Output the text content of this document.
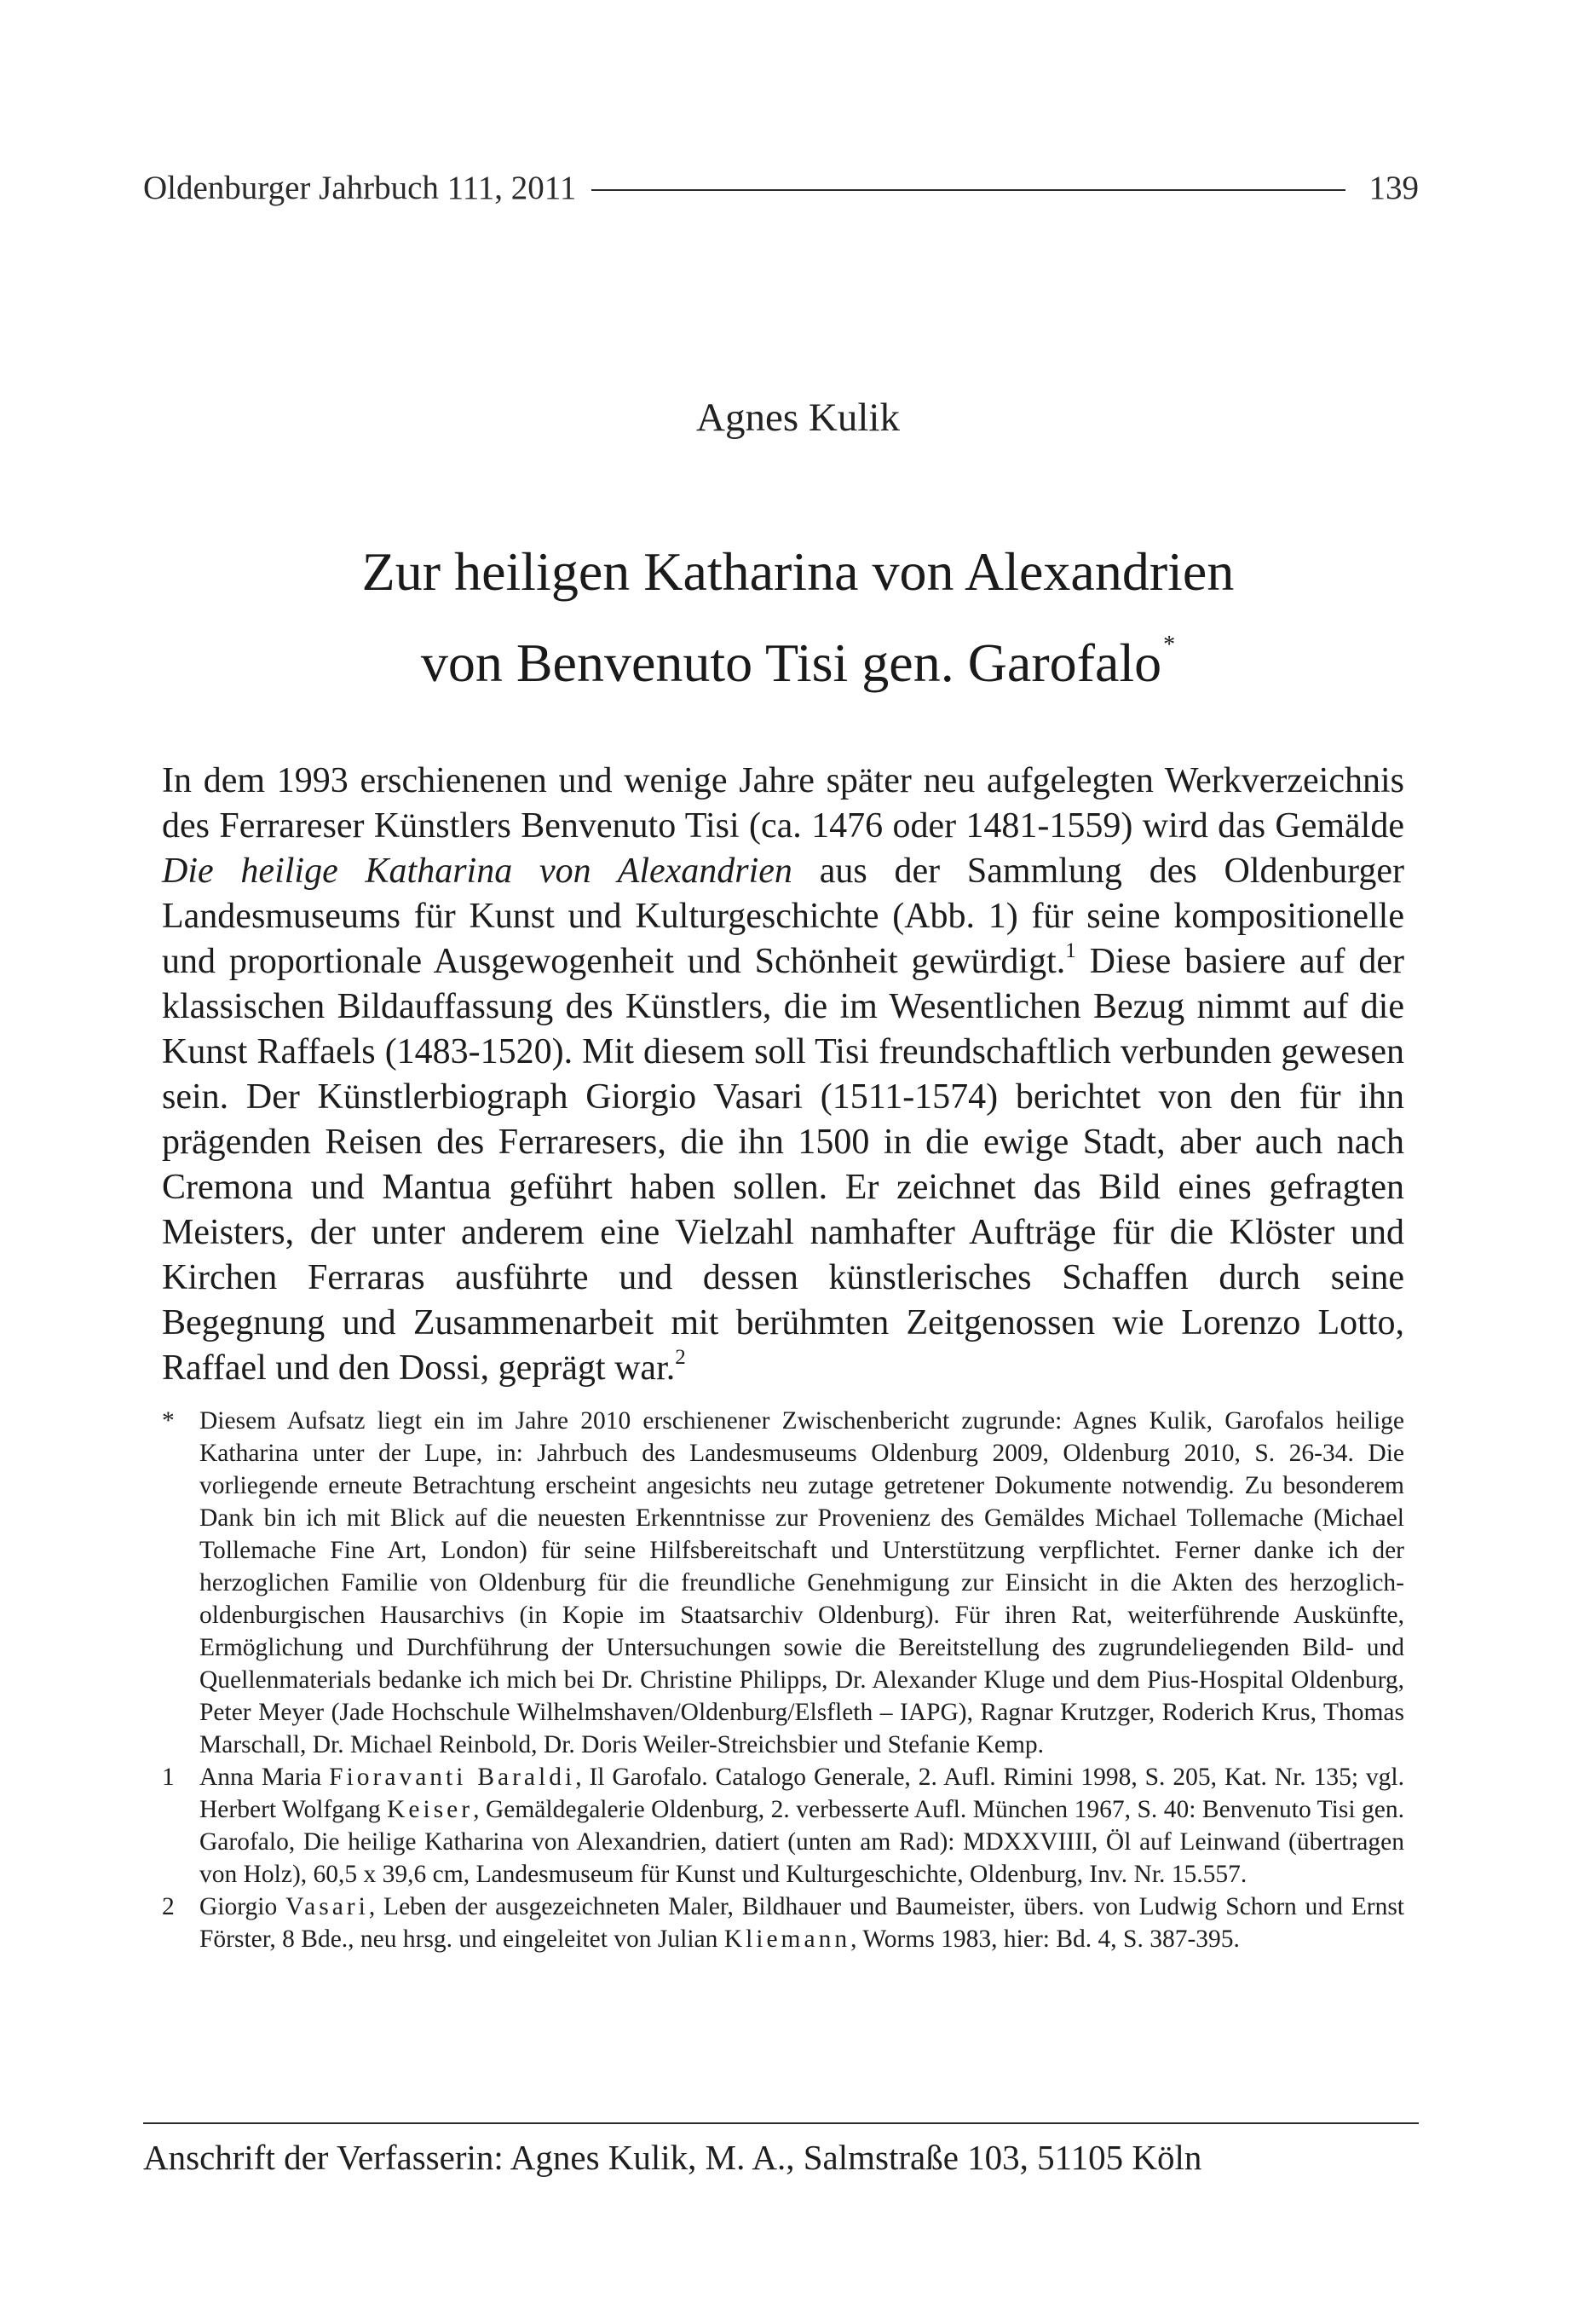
Oldenburger Jahrbuch 111, 2011	139
Agnes Kulik
Zur heiligen Katharina von Alexandrien
von Benvenuto Tisi gen. Garofalo*
In dem 1993 erschienenen und wenige Jahre später neu aufgelegten Werkverzeichnis des Ferrareser Künstlers Benvenuto Tisi (ca. 1476 oder 1481-1559) wird das Gemälde Die heilige Katharina von Alexandrien aus der Sammlung des Oldenburger Landesmuseums für Kunst und Kulturgeschichte (Abb. 1) für seine kompositionelle und proportionale Ausgewogenheit und Schönheit gewürdigt.$^1$ Diese basiere auf der klassischen Bildauffassung des Künstlers, die im Wesentlichen Bezug nimmt auf die Kunst Raffaels (1483-1520). Mit diesem soll Tisi freundschaftlich verbunden gewesen sein. Der Künstlerbiograph Giorgio Vasari (1511-1574) berichtet von den für ihn prägenden Reisen des Ferraresers, die ihn 1500 in die ewige Stadt, aber auch nach Cremona und Mantua geführt haben sollen. Er zeichnet das Bild eines gefragten Meisters, der unter anderem eine Vielzahl namhafter Aufträge für die Klöster und Kirchen Ferraras ausführte und dessen künstlerisches Schaffen durch seine Begegnung und Zusammenarbeit mit berühmten Zeitgenossen wie Lorenzo Lotto, Raffael und den Dossi, geprägt war.$^2$
* Diesem Aufsatz liegt ein im Jahre 2010 erschienener Zwischenbericht zugrunde: Agnes Kulik, Garofalos heilige Katharina unter der Lupe, in: Jahrbuch des Landesmuseums Oldenburg 2009, Oldenburg 2010, S. 26-34. Die vorliegende erneute Betrachtung erscheint angesichts neu zutage getretener Dokumente notwendig. Zu besonderem Dank bin ich mit Blick auf die neuesten Erkenntnisse zur Provenienz des Gemäldes Michael Tollemache (Michael Tollemache Fine Art, London) für seine Hilfsbereitschaft und Unterstützung verpflichtet. Ferner danke ich der herzoglichen Familie von Oldenburg für die freundliche Genehmigung zur Einsicht in die Akten des herzoglich-oldenburgischen Hausarchivs (in Kopie im Staatsarchiv Oldenburg). Für ihren Rat, weiterführende Auskünfte, Ermöglichung und Durchführung der Untersuchungen sowie die Bereitstellung des zugrundeliegenden Bild- und Quellenmaterials bedanke ich mich bei Dr. Christine Philipps, Dr. Alexander Kluge und dem Pius-Hospital Oldenburg, Peter Meyer (Jade Hochschule Wilhelmshaven/Oldenburg/Elsfleth – IAPG), Ragnar Krutzger, Roderich Krus, Thomas Marschall, Dr. Michael Reinbold, Dr. Doris Weiler-Streichsbier und Stefanie Kemp.
1 Anna Maria Fioravanti Baraldi, Il Garofalo. Catalogo Generale, 2. Aufl. Rimini 1998, S. 205, Kat. Nr. 135; vgl. Herbert Wolfgang Keiser, Gemäldegalerie Oldenburg, 2. verbesserte Aufl. München 1967, S. 40: Benvenuto Tisi gen. Garofalo, Die heilige Katharina von Alexandrien, datiert (unten am Rad): MDXXVIIII, Öl auf Leinwand (übertragen von Holz), 60,5 x 39,6 cm, Landesmuseum für Kunst und Kulturgeschichte, Oldenburg, Inv. Nr. 15.557.
2 Giorgio Vasari, Leben der ausgezeichneten Maler, Bildhauer und Baumeister, übers. von Ludwig Schorn und Ernst Förster, 8 Bde., neu hrsg. und eingeleitet von Julian Kliemann, Worms 1983, hier: Bd. 4, S. 387-395.
Anschrift der Verfasserin: Agnes Kulik, M. A., Salmstraße 103, 51105 Köln
